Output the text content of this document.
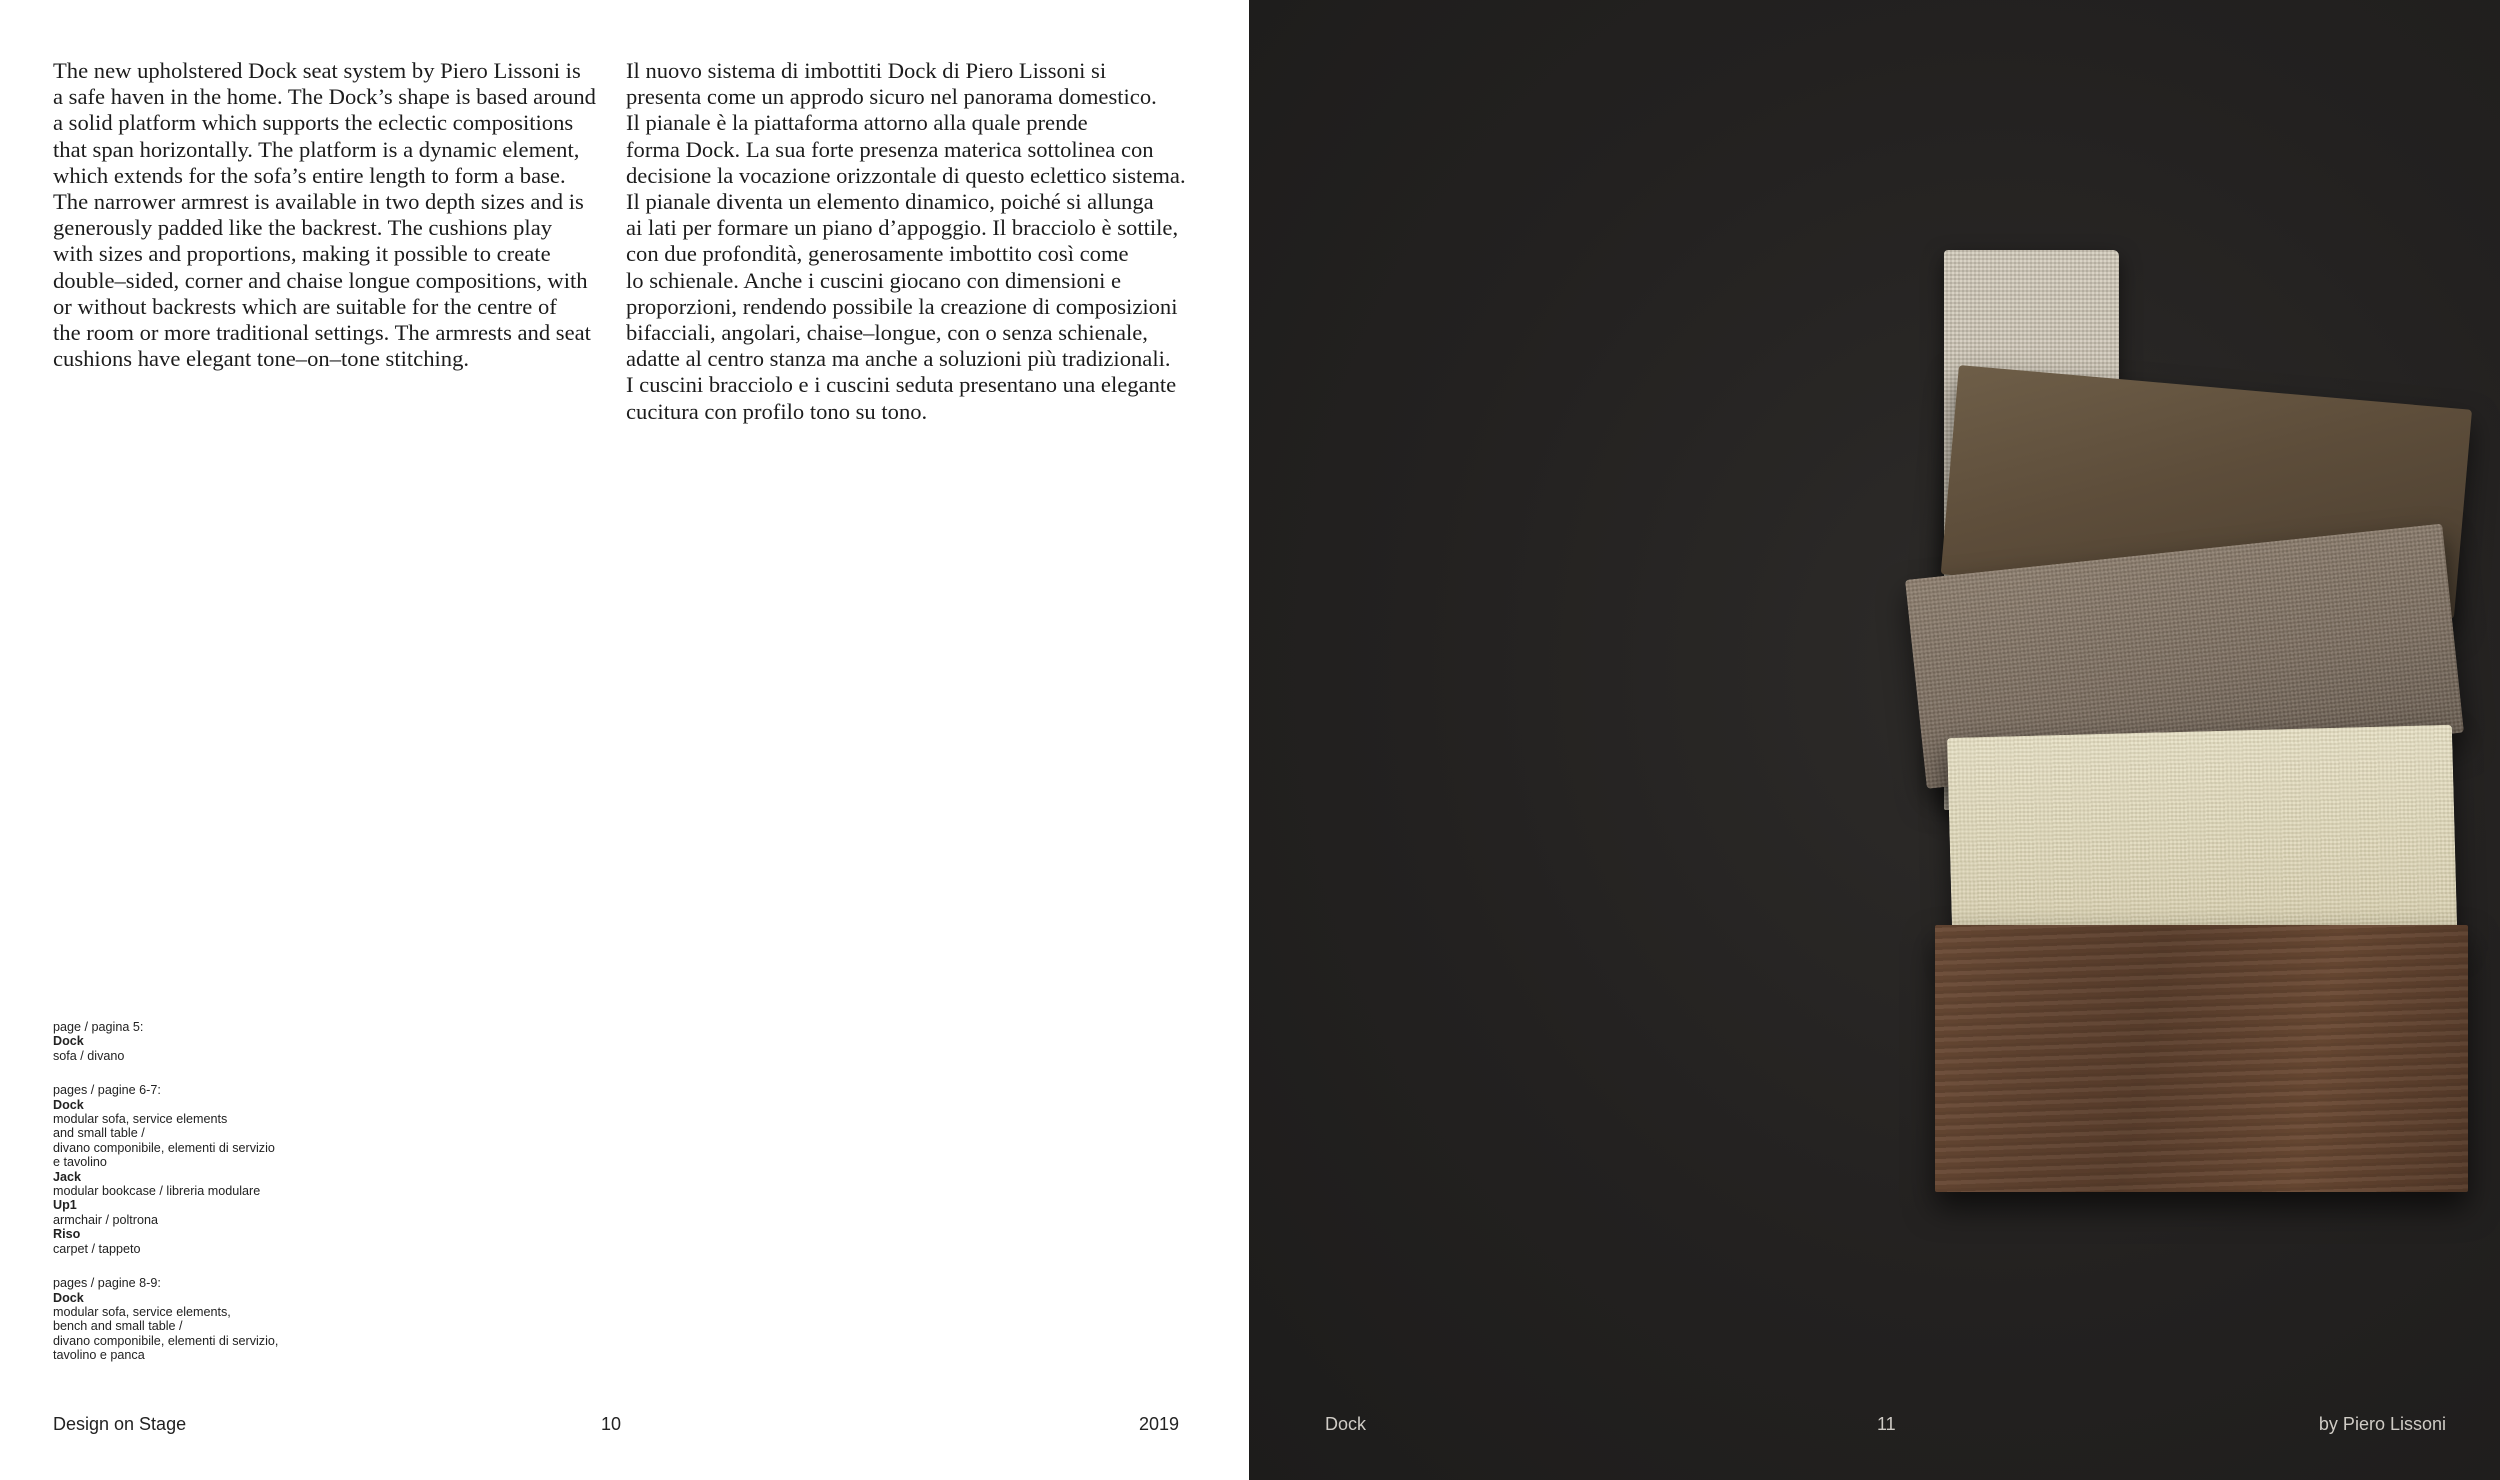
The new upholstered Dock seat system by Piero Lissoni is
a safe haven in the home. The Dock’s shape is based around
a solid platform which supports the eclectic compositions
that span horizontally. The platform is a dynamic element,
which extends for the sofa’s entire length to form a base.
The narrower armrest is available in two depth sizes and is
generously padded like the backrest. The cushions play
with sizes and proportions, making it possible to create
double–sided, corner and chaise longue compositions, with
or without backrests which are suitable for the centre of
the room or more traditional settings. The armrests and seat
cushions have elegant tone–on–tone stitching.
Il nuovo sistema di imbottiti Dock di Piero Lissoni si
presenta come un approdo sicuro nel panorama domestico.
Il pianale è la piattaforma attorno alla quale prende
forma Dock. La sua forte presenza materica sottolinea con
decisione la vocazione orizzontale di questo eclettico sistema.
Il pianale diventa un elemento dinamico, poiché si allunga
ai lati per formare un piano d’appoggio. Il bracciolo è sottile,
con due profondità, generosamente imbottito così come
lo schienale. Anche i cuscini giocano con dimensioni e
proporzioni, rendendo possibile la creazione di composizioni
bifacciali, angolari, chaise–longue, con o senza schienale,
adatte al centro stanza ma anche a soluzioni più tradizionali.
I cuscini bracciolo e i cuscini seduta presentano una elegante
cucitura con profilo tono su tono.
page / pagina 5:
Dock
sofa / divano
pages / pagine 6-7:
Dock
modular sofa, service elements
and small table /
divano componibile, elementi di servizio
e tavolino
Jack
modular bookcase / libreria modulare
Up1
armchair / poltrona
Riso
carpet / tappeto
pages / pagine 8-9:
Dock
modular sofa, service elements,
bench and small table /
divano componibile, elementi di servizio,
tavolino e panca
Design on Stage	10	2019	Dock	11	by Piero Lissoni
